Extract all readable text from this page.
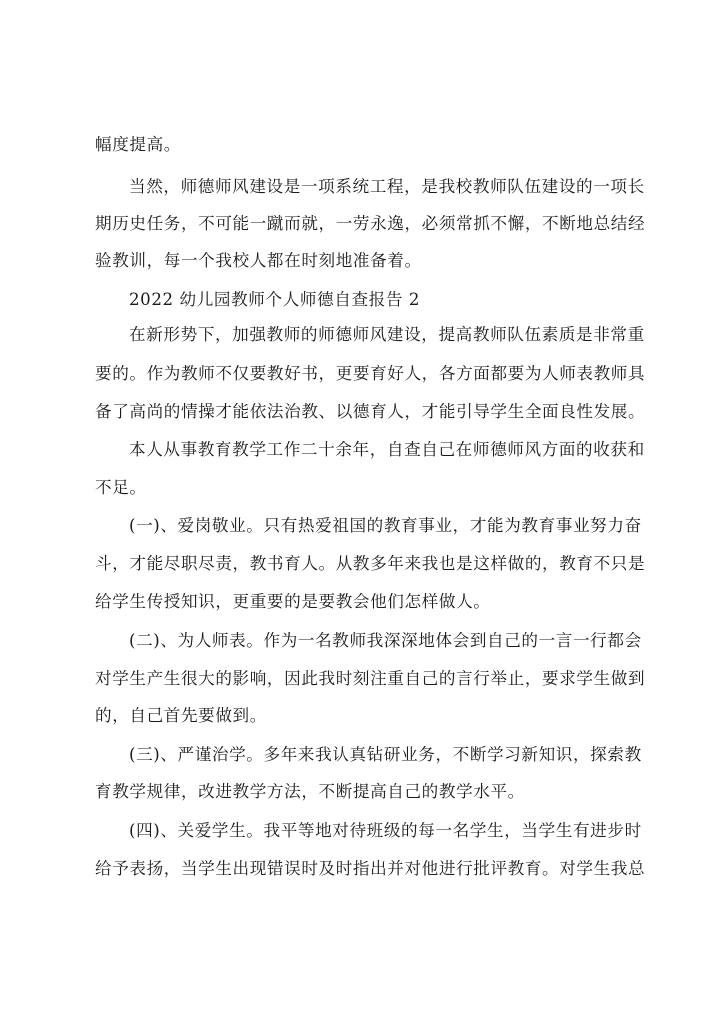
幅度提高。
当然，师德师风建设是一项系统工程，是我校教师队伍建设的一项长
期历史任务，不可能一蹴而就，一劳永逸，必须常抓不懈，不断地总结经
验教训，每一个我校人都在时刻地准备着。
2022 幼儿园教师个人师德自查报告 2
在新形势下，加强教师的师德师风建设，提高教师队伍素质是非常重
要的。作为教师不仅要教好书，更要育好人，各方面都要为人师表教师具
备了高尚的情操才能依法治教、以德育人，才能引导学生全面良性发展。
本人从事教育教学工作二十余年，自查自己在师德师风方面的收获和
不足。
(一)、爱岗敬业。只有热爱祖国的教育事业，才能为教育事业努力奋
斗，才能尽职尽责，教书育人。从教多年来我也是这样做的，教育不只是
给学生传授知识，更重要的是要教会他们怎样做人。
(二)、为人师表。作为一名教师我深深地体会到自己的一言一行都会
对学生产生很大的影响，因此我时刻注重自己的言行举止，要求学生做到
的，自己首先要做到。
(三)、严谨治学。多年来我认真钻研业务，不断学习新知识，探索教
育教学规律，改进教学方法，不断提高自己的教学水平。
(四)、关爱学生。我平等地对待班级的每一名学生，当学生有进步时
给予表扬，当学生出现错误时及时指出并对他进行批评教育。对学生我总
